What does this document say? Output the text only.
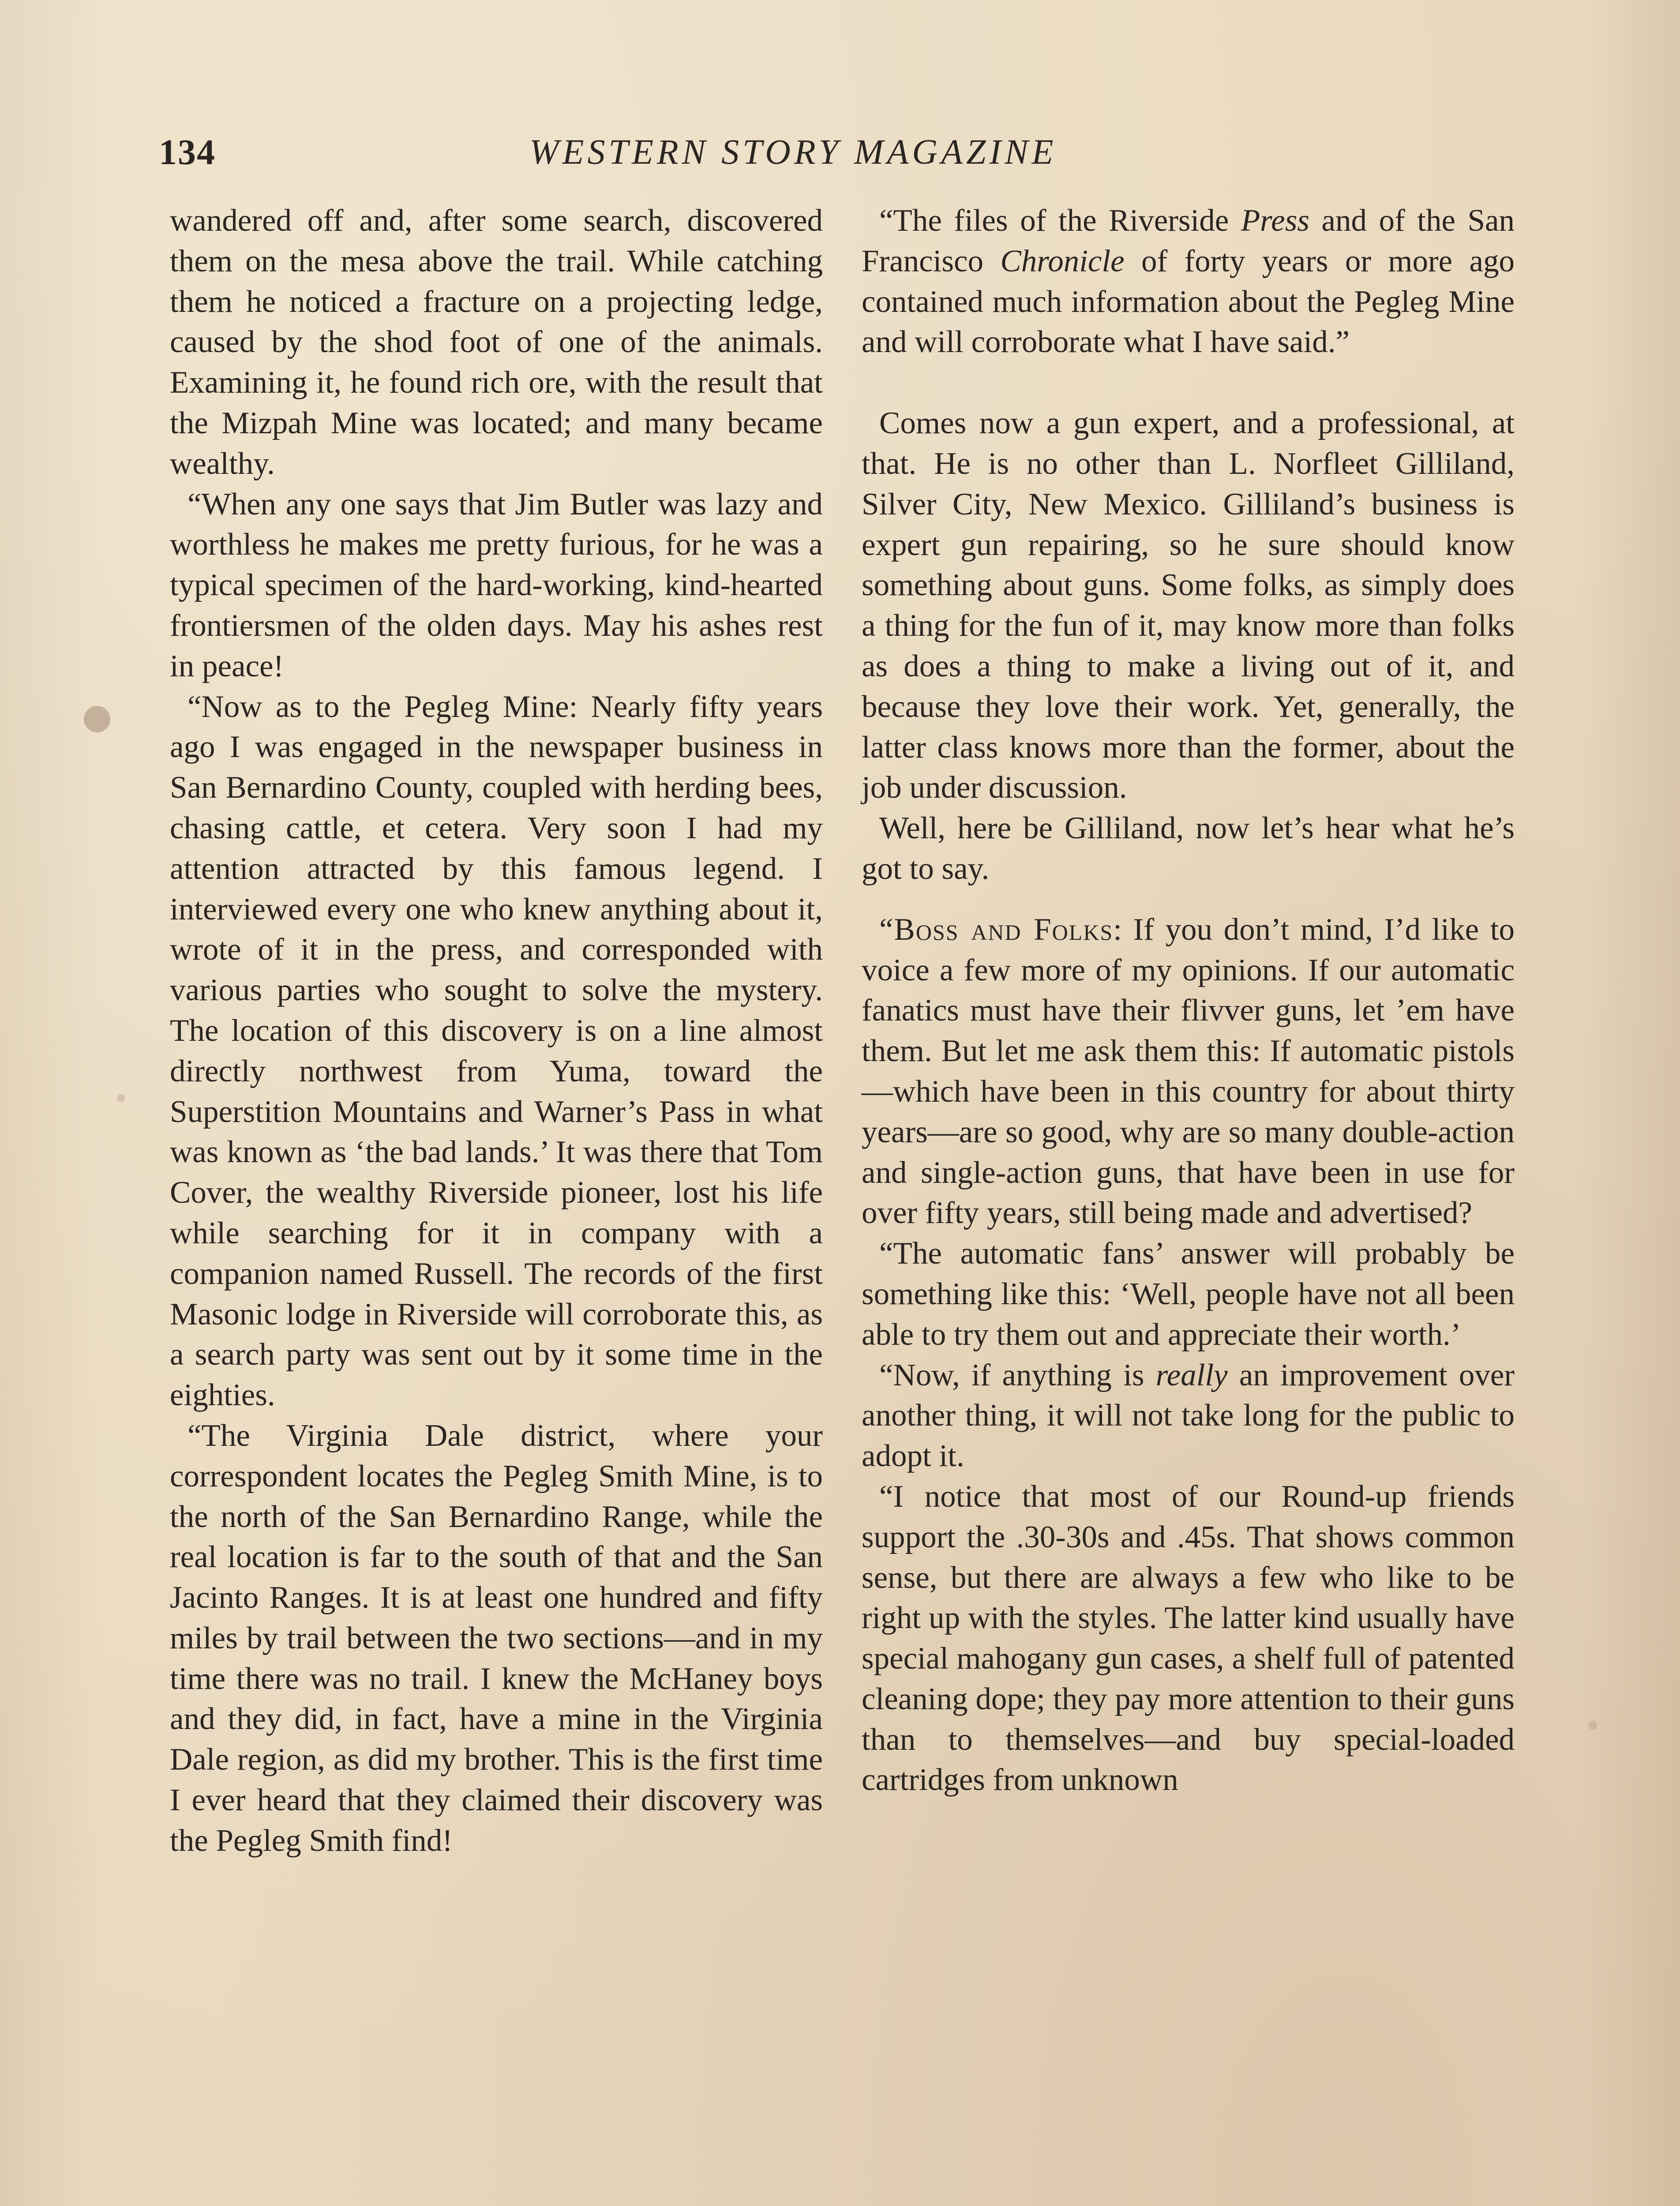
134	WESTERN STORY MAGAZINE

wandered off and, after some search, discovered them on the mesa above the trail. While catching them he noticed a fracture on a projecting ledge, caused by the shod foot of one of the animals. Examining it, he found rich ore, with the result that the Mizpah Mine was located; and many became wealthy.

“When any one says that Jim Butler was lazy and worthless he makes me pretty furious, for he was a typical specimen of the hard-working, kind-hearted frontiersmen of the olden days. May his ashes rest in peace!

“Now as to the Pegleg Mine: Nearly fifty years ago I was engaged in the newspaper business in San Bernardino County, coupled with herding bees, chasing cattle, et cetera. Very soon I had my attention attracted by this famous legend. I interviewed every one who knew anything about it, wrote of it in the press, and corresponded with various parties who sought to solve the mystery. The location of this discovery is on a line almost directly northwest from Yuma, toward the Superstition Mountains and Warner’s Pass in what was known as ‘the bad lands.’ It was there that Tom Cover, the wealthy Riverside pioneer, lost his life while searching for it in company with a companion named Russell. The records of the first Masonic lodge in Riverside will corroborate this, as a search party was sent out by it some time in the eighties.

“The Virginia Dale district, where your correspondent locates the Pegleg Smith Mine, is to the north of the San Bernardino Range, while the real location is far to the south of that and the San Jacinto Ranges. It is at least one hundred and fifty miles by trail between the two sections—and in my time there was no trail. I knew the McHaney boys and they did, in fact, have a mine in the Virginia Dale region, as did my brother. This is the first time I ever heard that they claimed their discovery was the Pegleg Smith find!

“The files of the Riverside Press and of the San Francisco Chronicle of forty years or more ago contained much information about the Pegleg Mine and will corroborate what I have said.”

Comes now a gun expert, and a professional, at that. He is no other than L. Norfleet Gilliland, Silver City, New Mexico. Gilliland’s business is expert gun repairing, so he sure should know something about guns. Some folks, as simply does a thing for the fun of it, may know more than folks as does a thing to make a living out of it, and because they love their work. Yet, generally, the latter class knows more than the former, about the job under discussion.

Well, here be Gilliland, now let’s hear what he’s got to say.

“Boss and Folks: If you don’t mind, I’d like to voice a few more of my opinions. If our automatic fanatics must have their flivver guns, let ’em have them. But let me ask them this: If automatic pistols—which have been in this country for about thirty years—are so good, why are so many double-action and single-action guns, that have been in use for over fifty years, still being made and advertised?

“The automatic fans’ answer will probably be something like this: ‘Well, people have not all been able to try them out and appreciate their worth.’

“Now, if anything is really an improvement over another thing, it will not take long for the public to adopt it.

“I notice that most of our Round-up friends support the .30-30s and .45s. That shows common sense, but there are always a few who like to be right up with the styles. The latter kind usually have special mahogany gun cases, a shelf full of patented cleaning dope; they pay more attention to their guns than to themselves—and buy special-loaded cartridges from unknown
